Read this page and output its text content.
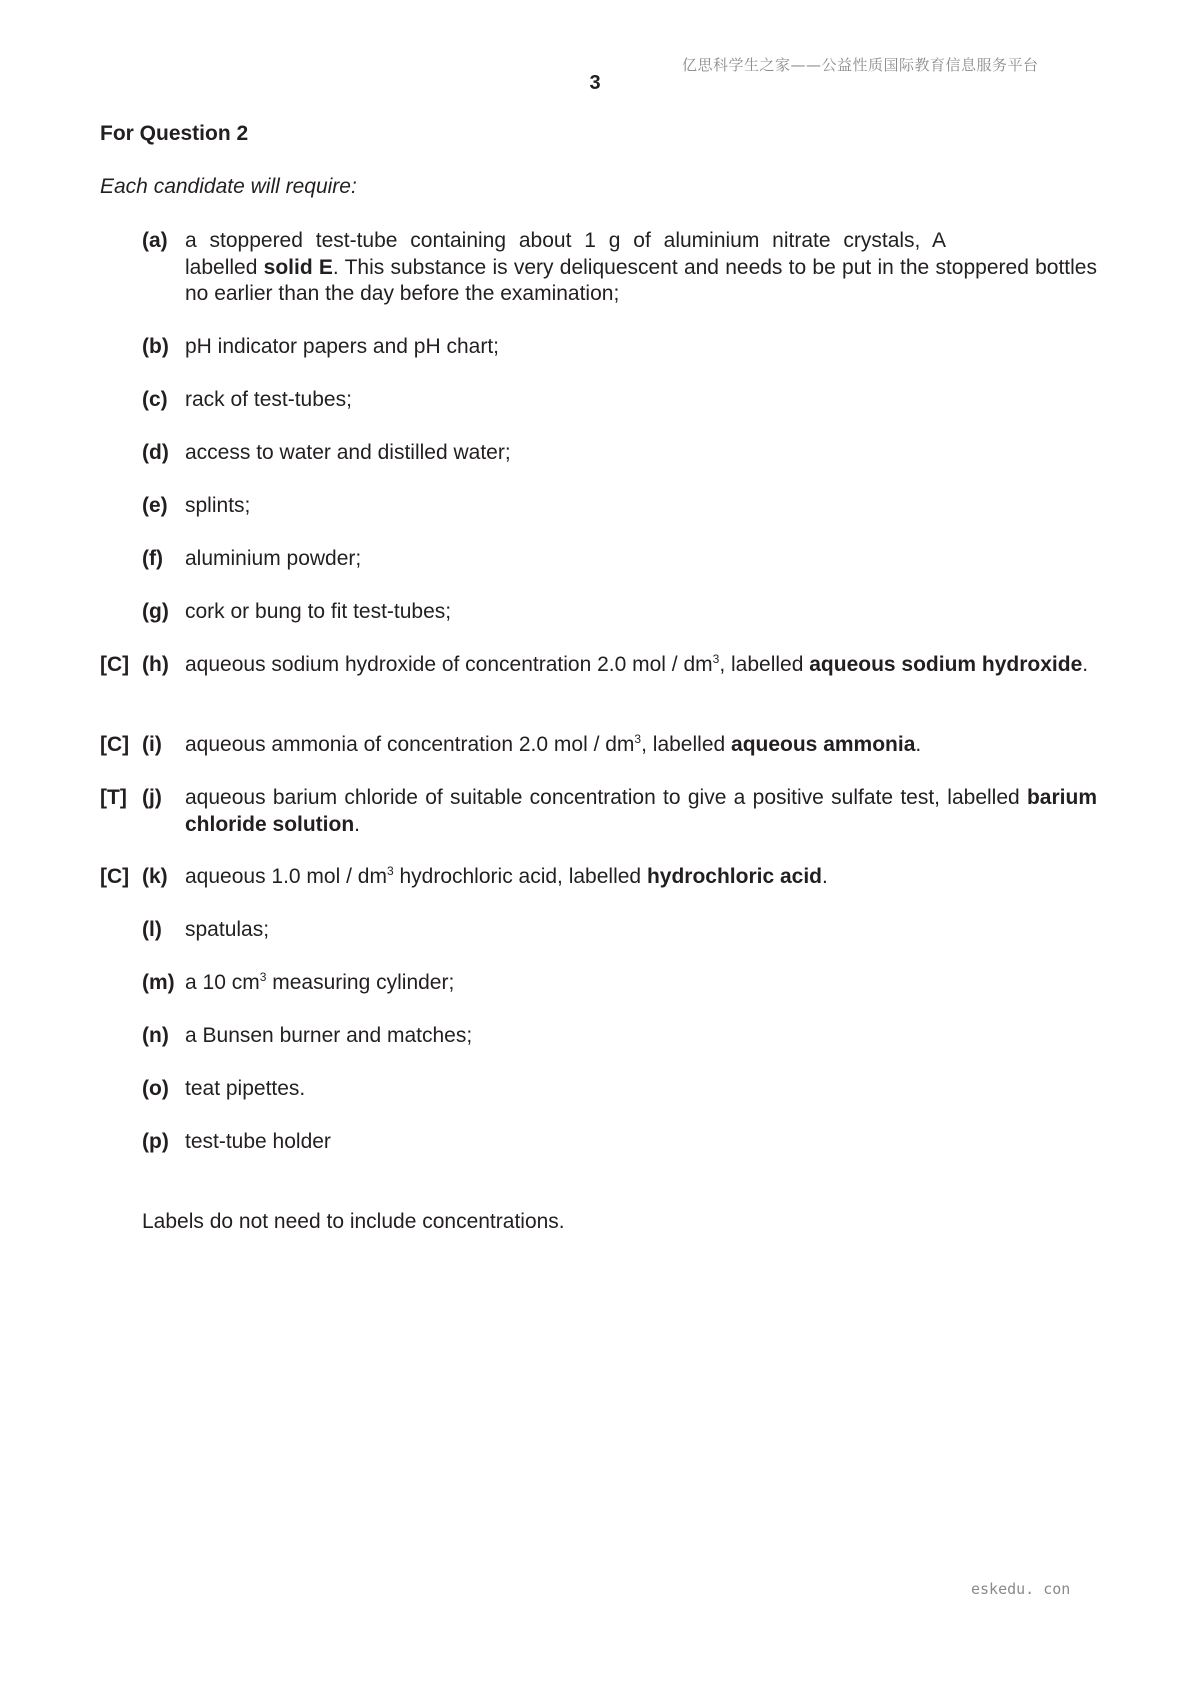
亿思科学生之家——公益性质国际教育信息服务平台
3
For Question 2
Each candidate will require:
(a) a stoppered test-tube containing about 1 g of aluminium nitrate crystals, A
labelled solid E. This substance is very deliquescent and needs to be put in the stoppered bottles no earlier than the day before the examination;
(b) pH indicator papers and pH chart;
(c) rack of test-tubes;
(d) access to water and distilled water;
(e) splints;
(f) aluminium powder;
(g) cork or bung to fit test-tubes;
[C] (h) aqueous sodium hydroxide of concentration 2.0 mol / $dm^3$, labelled aqueous sodium hydroxide.
[C] (i) aqueous ammonia of concentration 2.0 mol / $dm^3$, labelled aqueous ammonia.
[T] (j) aqueous barium chloride of suitable concentration to give a positive sulfate test, labelled barium chloride solution.
[C] (k) aqueous 1.0 mol / $dm^3$ hydrochloric acid, labelled hydrochloric acid.
(l) spatulas;
(m) a 10 $cm^3$ measuring cylinder;
(n) a Bunsen burner and matches;
(o) teat pipettes.
(p) test-tube holder
Labels do not need to include concentrations.
eskedu. con
